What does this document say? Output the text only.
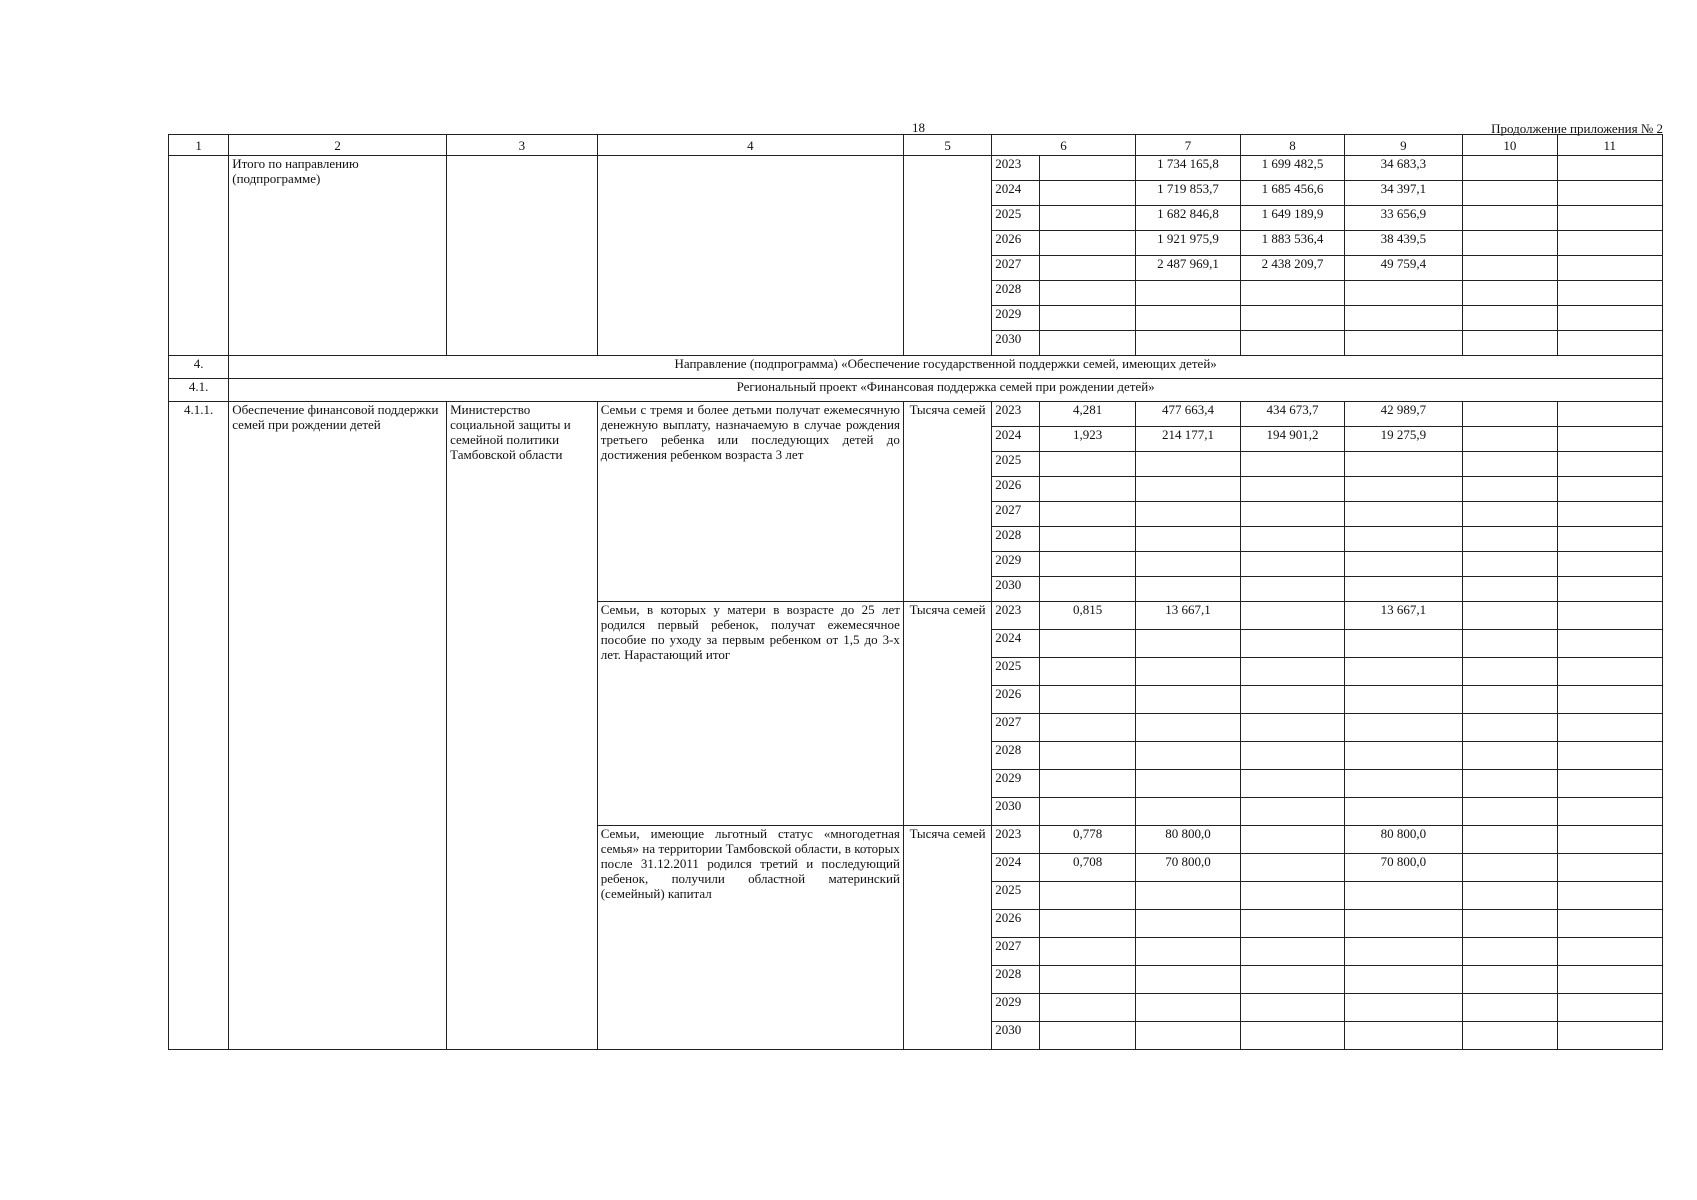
18	Продолжение приложения № 2
1	2	3	4	5	6		7	8	9	10	11
	Итого по направлению (подпрограмме)				2023		1 734 165,8	1 699 482,5	34 683,3		
					2024		1 719 853,7	1 685 456,6	34 397,1		
					2025		1 682 846,8	1 649 189,9	33 656,9		
					2026		1 921 975,9	1 883 536,4	38 439,5		
					2027		2 487 969,1	2 438 209,7	49 759,4		
					2028						
					2029						
					2030						
4.	Направление (подпрограмма) «Обеспечение государственной поддержки семей, имеющих детей»										
4.1.	Региональный проект «Финансовая поддержка семей при рождении детей»										
4.1.1.	Обеспечение финансовой поддержки семей при рождении детей	Министерство социальной защиты и семейной политики Тамбовской области	Семьи с тремя и более детьми получат ежемесячную денежную выплату, назначаемую в случае рождения третьего ребенка или последующих детей до достижения ребенком возраста 3 лет	Тысяча семей	2023	4,281	477 663,4	434 673,7	42 989,7		
					2024	1,923	214 177,1	194 901,2	19 275,9		
					2025						
					2026						
					2027						
					2028						
					2029						
					2030						
			Семьи, в которых у матери в возрасте до 25 лет родился первый ребенок, получат ежемесячное пособие по уходу за первым ребенком от 1,5 до 3-х лет. Нарастающий итог	Тысяча семей	2023	0,815	13 667,1		13 667,1		
					2024						
					2025						
					2026						
					2027						
					2028						
					2029						
					2030						
			Семьи, имеющие льготный статус «многодетная семья» на территории Тамбовской области, в которых после 31.12.2011 родился третий и последующий ребенок, получили областной материнский (семейный) капитал	Тысяча семей	2023	0,778	80 800,0		80 800,0		
					2024	0,708	70 800,0		70 800,0		
					2025						
					2026						
					2027						
					2028						
					2029						
					2030						
